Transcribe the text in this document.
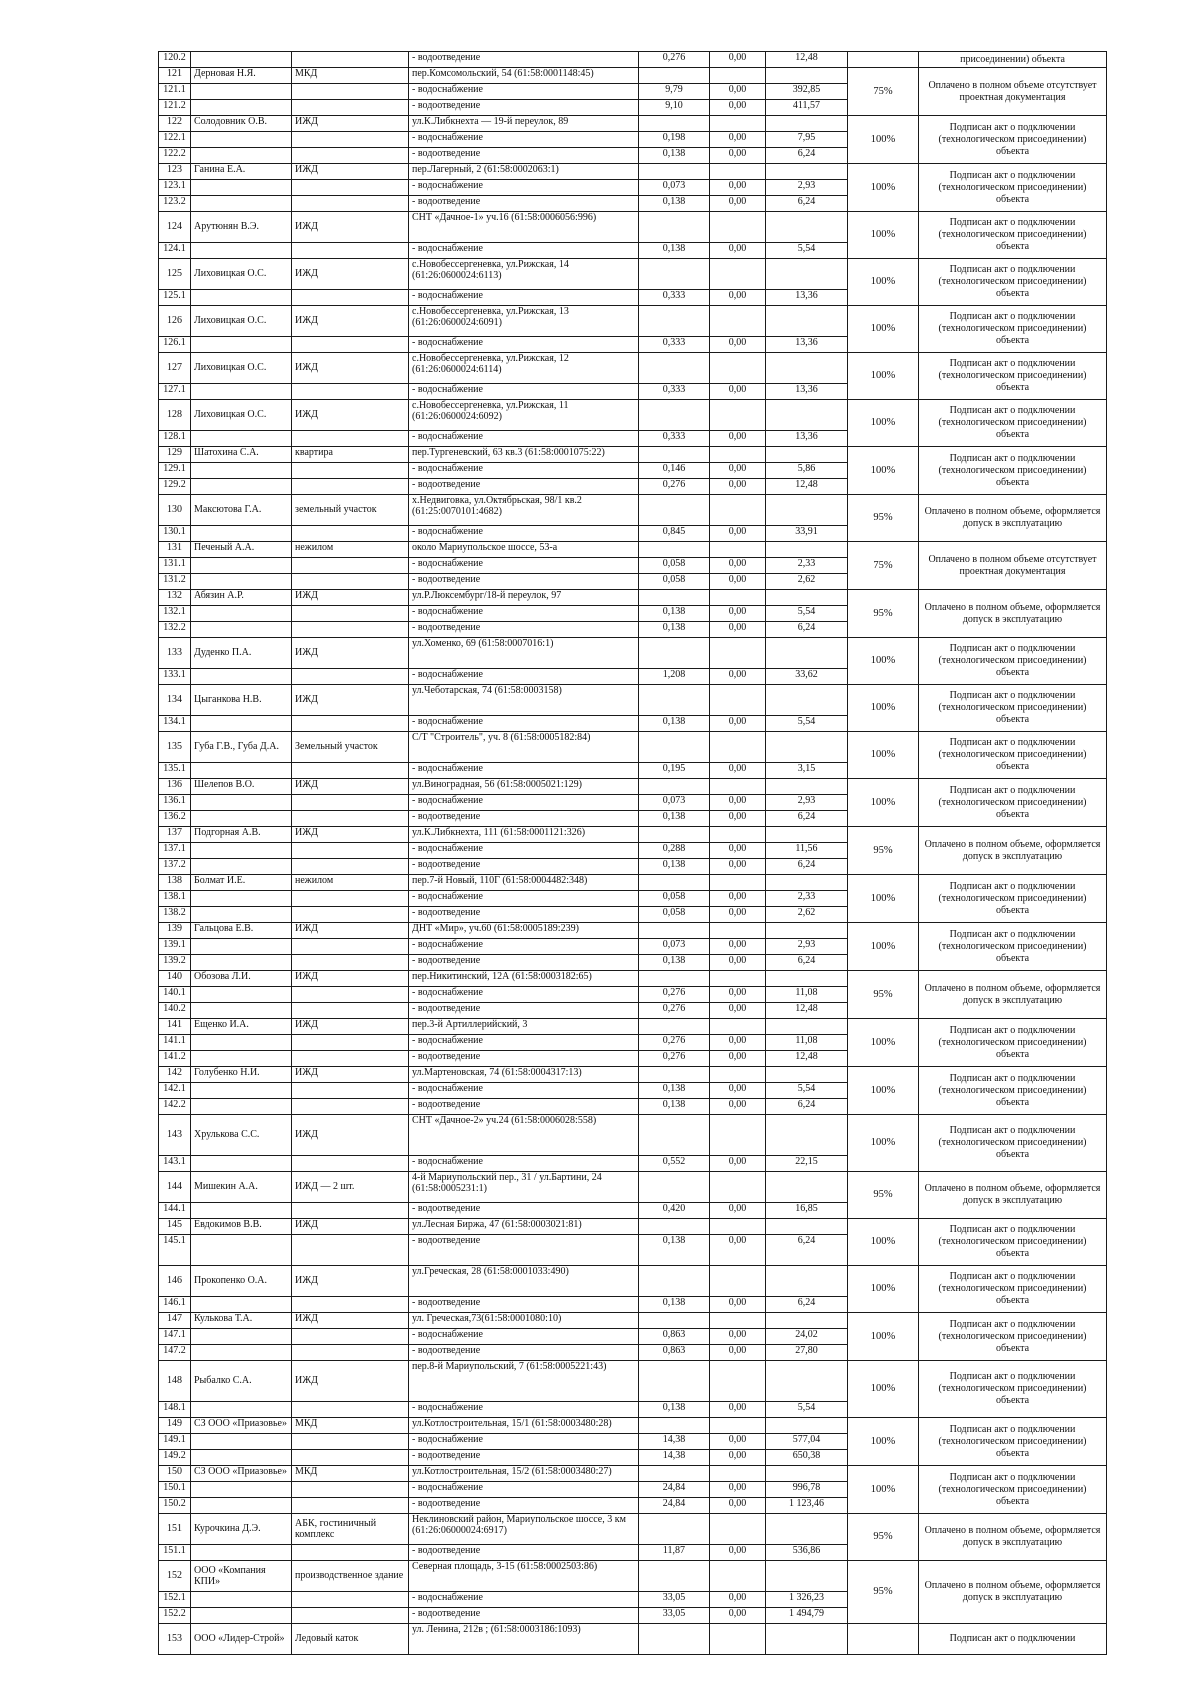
120.2			- водоотведение	0,276	0,00	12,48		присоединении) объекта
121	Дерновая Н.Я.	МКД	пер.Комсомольский, 54 (61:58:0001148:45)				75%	Оплачено в полном объеме отсутствует проектная документация
121.1			- водоснабжение	9,79	0,00	392,85		
121.2			- водоотведение	9,10	0,00	411,57		
122	Солодовник О.В.	ИЖД	ул.К.Либкнехта — 19-й переулок, 89				100%	Подписан акт о подключении (технологическом присоединении) объекта
122.1			- водоснабжение	0,198	0,00	7,95		
122.2			- водоотведение	0,138	0,00	6,24		
123	Ганина Е.А.	ИЖД	пер.Лагерный, 2 (61:58:0002063:1)				100%	Подписан акт о подключении (технологическом присоединении) объекта
123.1			- водоснабжение	0,073	0,00	2,93		
123.2			- водоотведение	0,138	0,00	6,24		
124	Арутюнян В.Э.	ИЖД	СНТ «Дачное-1» уч.16 (61:58:0006056:996)				100%	Подписан акт о подключении (технологическом присоединении) объекта
124.1			- водоснабжение	0,138	0,00	5,54		
125	Лиховицкая О.С.	ИЖД	с.Новобессергеневка, ул.Рижская, 14 (61:26:0600024:6113)				100%	Подписан акт о подключении (технологическом присоединении) объекта
125.1			- водоснабжение	0,333	0,00	13,36		
126	Лиховицкая О.С.	ИЖД	с.Новобессергеневка, ул.Рижская, 13 (61:26:0600024:6091)				100%	Подписан акт о подключении (технологическом присоединении) объекта
126.1			- водоснабжение	0,333	0,00	13,36		
127	Лиховицкая О.С.	ИЖД	с.Новобессергеневка, ул.Рижская, 12 (61:26:0600024:6114)				100%	Подписан акт о подключении (технологическом присоединении) объекта
127.1			- водоснабжение	0,333	0,00	13,36		
128	Лиховицкая О.С.	ИЖД	с.Новобессергеневка, ул.Рижская, 11 (61:26:0600024:6092)				100%	Подписан акт о подключении (технологическом присоединении) объекта
128.1			- водоснабжение	0,333	0,00	13,36		
129	Шатохина С.А.	квартира	пер.Тургеневский, 63 кв.3 (61:58:0001075:22)				100%	Подписан акт о подключении (технологическом присоединении) объекта
129.1			- водоснабжение	0,146	0,00	5,86		
129.2			- водоотведение	0,276	0,00	12,48		
130	Максютова Г.А.	земельный участок	х.Недвиговка, ул.Октябрьская, 98/1 кв.2 (61:25:0070101:4682)				95%	Оплачено в полном объеме, оформляется допуск в эксплуатацию
130.1			- водоснабжение	0,845	0,00	33,91		
131	Печеный А.А.	нежилом	около Мариупольское шоссе, 53-а				75%	Оплачено в полном объеме отсутствует проектная документация
131.1			- водоснабжение	0,058	0,00	2,33		
131.2			- водоотведение	0,058	0,00	2,62		
132	Абязин А.Р.	ИЖД	ул.Р.Люксембург/18-й переулок, 97				95%	Оплачено в полном объеме, оформляется допуск в эксплуатацию
132.1			- водоснабжение	0,138	0,00	5,54		
132.2			- водоотведение	0,138	0,00	6,24		
133	Дуденко П.А.	ИЖД	ул.Хоменко, 69 (61:58:0007016:1)				100%	Подписан акт о подключении (технологическом присоединении) объекта
133.1			- водоснабжение	1,208	0,00	33,62		
134	Цыганкова Н.В.	ИЖД	ул.Чеботарская, 74 (61:58:0003158)				100%	Подписан акт о подключении (технологическом присоединении) объекта
134.1			- водоснабжение	0,138	0,00	5,54		
135	Губа Г.В., Губа Д.А.	Земельный участок	С/Т "Строитель", уч. 8 (61:58:0005182:84)				100%	Подписан акт о подключении (технологическом присоединении) объекта
135.1			- водоснабжение	0,195	0,00	3,15		
136	Шелепов В.О.	ИЖД	ул.Виноградная, 56 (61:58:0005021:129)				100%	Подписан акт о подключении (технологическом присоединении) объекта
136.1			- водоснабжение	0,073	0,00	2,93		
136.2			- водоотведение	0,138	0,00	6,24		
137	Подгорная А.В.	ИЖД	ул.К.Либкнехта, 111 (61:58:0001121:326)				95%	Оплачено в полном объеме, оформляется допуск в эксплуатацию
137.1			- водоснабжение	0,288	0,00	11,56		
137.2			- водоотведение	0,138	0,00	6,24		
138	Болмат И.Е.	нежилом	пер.7-й Новый, 110Г (61:58:0004482:348)				100%	Подписан акт о подключении (технологическом присоединении) объекта
138.1			- водоснабжение	0,058	0,00	2,33		
138.2			- водоотведение	0,058	0,00	2,62		
139	Гальцова Е.В.	ИЖД	ДНТ «Мир», уч.60 (61:58:0005189:239)				100%	Подписан акт о подключении (технологическом присоединении) объекта
139.1			- водоснабжение	0,073	0,00	2,93		
139.2			- водоотведение	0,138	0,00	6,24		
140	Обозова Л.И.	ИЖД	пер.Никитинский, 12А (61:58:0003182:65)				95%	Оплачено в полном объеме, оформляется допуск в эксплуатацию
140.1			- водоснабжение	0,276	0,00	11,08		
140.2			- водоотведение	0,276	0,00	12,48		
141	Ещенко И.А.	ИЖД	пер.3-й Артиллерийский, 3				100%	Подписан акт о подключении (технологическом присоединении) объекта
141.1			- водоснабжение	0,276	0,00	11,08		
141.2			- водоотведение	0,276	0,00	12,48		
142	Голубенко Н.И.	ИЖД	ул.Мартеновская, 74 (61:58:0004317:13)				100%	Подписан акт о подключении (технологическом присоединении) объекта
142.1			- водоснабжение	0,138	0,00	5,54		
142.2			- водоотведение	0,138	0,00	6,24		
143	Хрулькова С.С.	ИЖД	СНТ «Дачное-2» уч.24 (61:58:0006028:558)				100%	Подписан акт о подключении (технологическом присоединении) объекта
143.1			- водоснабжение	0,552	0,00	22,15		
144	Мишекин А.А.	ИЖД — 2 шт.	4-й Мариупольский пер., 31 / ул.Бартини, 24 (61:58:0005231:1)				95%	Оплачено в полном объеме, оформляется допуск в эксплуатацию
144.1			- водоотведение	0,420	0,00	16,85		
145	Евдокимов В.В.	ИЖД	ул.Лесная Биржа, 47 (61:58:0003021:81)				100%	Подписан акт о подключении (технологическом присоединении) объекта
145.1			- водоотведение	0,138	0,00	6,24		
146	Прокопенко О.А.	ИЖД	ул.Греческая, 28 (61:58:0001033:490)				100%	Подписан акт о подключении (технологическом присоединении) объекта
146.1			- водоотведение	0,138	0,00	6,24		
147	Кулькова Т.А.	ИЖД	ул. Греческая,73(61:58:0001080:10)				100%	Подписан акт о подключении (технологическом присоединении) объекта
147.1			- водоснабжение	0,863	0,00	24,02		
147.2			- водоотведение	0,863	0,00	27,80		
148	Рыбалко С.А.	ИЖД	пер.8-й Мариупольский, 7 (61:58:0005221:43)				100%	Подписан акт о подключении (технологическом присоединении) объекта
148.1			- водоснабжение	0,138	0,00	5,54		
149	СЗ ООО «Приазовье»	МКД	ул.Котлостроительная, 15/1 (61:58:0003480:28)				100%	Подписан акт о подключении (технологическом присоединении) объекта
149.1			- водоснабжение	14,38	0,00	577,04		
149.2			- водоотведение	14,38	0,00	650,38		
150	СЗ ООО «Приазовье»	МКД	ул.Котлостроительная, 15/2 (61:58:0003480:27)				100%	Подписан акт о подключении (технологическом присоединении) объекта
150.1			- водоснабжение	24,84	0,00	996,78		
150.2			- водоотведение	24,84	0,00	1 123,46		
151	Курочкина Д.Э.	АБК, гостиничный комплекс	Неклиновский район, Мариупольское шоссе, 3 км (61:26:06000024:6917)				95%	Оплачено в полном объеме, оформляется допуск в эксплуатацию
151.1			- водоотведение	11,87	0,00	536,86		
152	ООО «Компания КПИ»	производственное здание	Северная площадь, 3-15 (61:58:0002503:86)				95%	Оплачено в полном объеме, оформляется допуск в эксплуатацию
152.1			- водоснабжение	33,05	0,00	1 326,23		
152.2			- водоотведение	33,05	0,00	1 494,79		
153	ООО «Лидер-Строй»	Ледовый каток	ул. Ленина, 212в ; (61:58:0003186:1093)					Подписан акт о подключении
